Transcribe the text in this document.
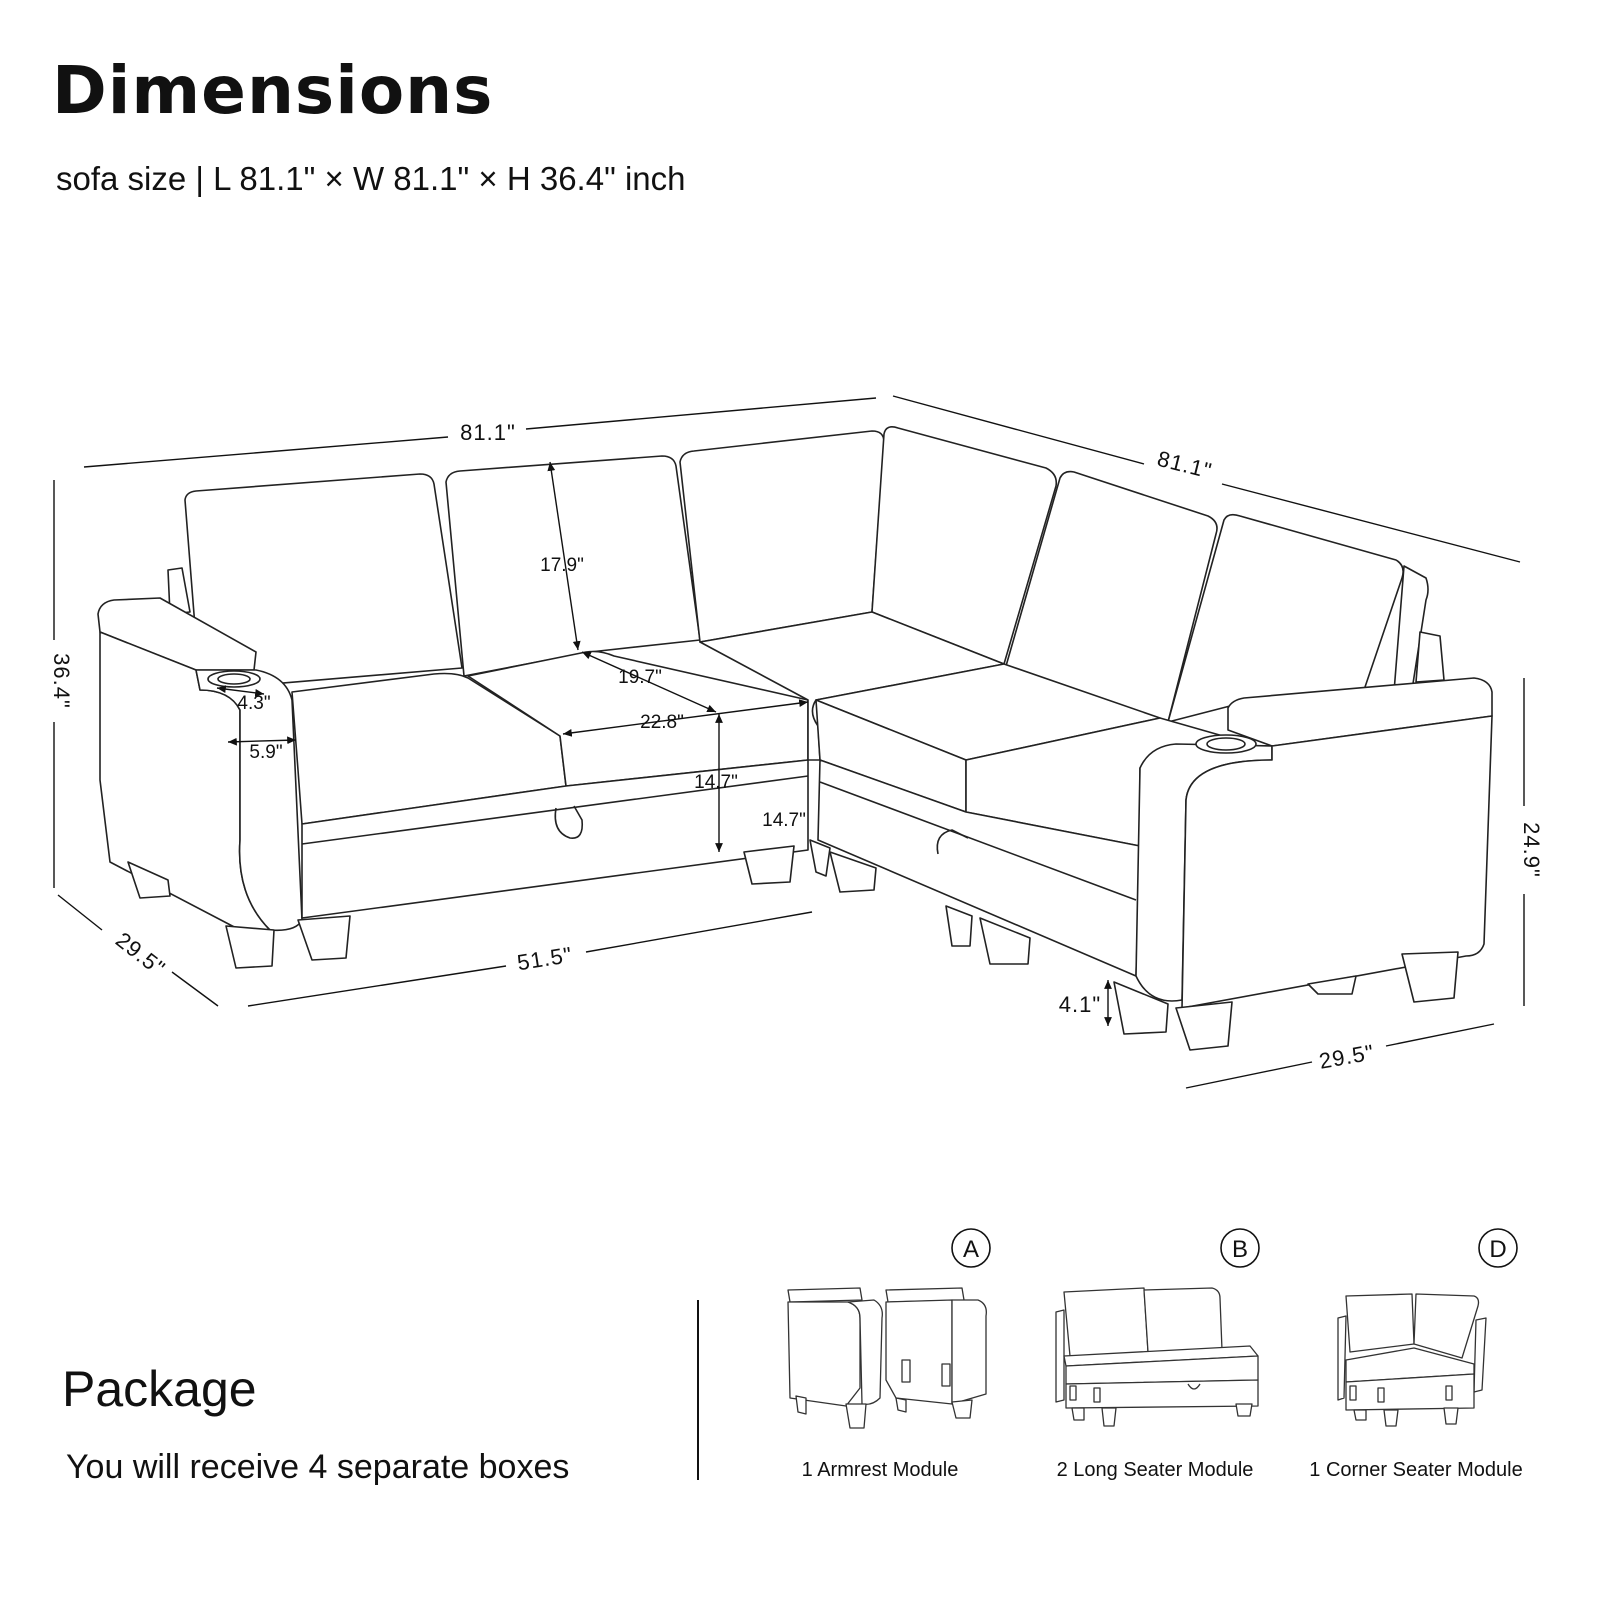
Dimensions
sofa size | L 81.1" × W 81.1" × H 36.4" inch
81.1"
81.1"
36.4"
17.9"
19.7"
22.8"
4.3"
5.9"
14.7"
14.7"
29.5"	51.5"
24.9"
4.1"
29.5"
A	B	D
Package
You will receive 4 separate boxes	1 Armrest Module	2 Long Seater Module	1 Corner Seater Module
